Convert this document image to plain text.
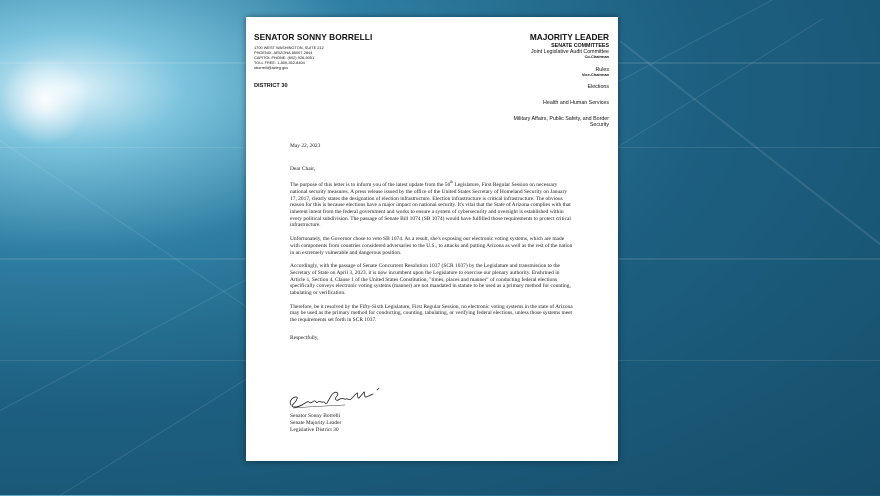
SENATOR SONNY BORRELLI
1700 WEST WASHINGTON, SUITE 212
PHOENIX, ARIZONA 85007-2844
CAPITOL PHONE: (602) 926-5051
TOLL FREE: 1-800-352-8404
sborrelli@azleg.gov
DISTRICT 30
MAJORITY LEADER
SENATE COMMITTEES
Joint Legislative Audit Committee
Co-Chairman
Rules
Vice-Chairman
Elections
Health and Human Services
Military Affairs, Public Safety, and Border Security

May 22, 2023

Dear Chair,

The purpose of this letter is to inform you of the latest update from the 56th Legislature, First Regular Session on necessary national security measures. A press release issued by the office of the United States Secretary of Homeland Security on January 17, 2017, clearly states the designation of election infrastructure. Election infrastructure is critical infrastructure. The obvious reason for this is because elections have a major impact on national security. It's vital that the State of Arizona complies with that inherent intent from the federal government and works to ensure a system of cybersecurity and oversight is established within every political subdivision. The passage of Senate Bill 1074 (SB 1074) would have fulfilled those requirements to protect critical infrastructure.

Unfortunately, the Governor chose to veto SB 1074. As a result, she's exposing our electronic voting systems, which are made with components from countries considered adversaries to the U.S., to attacks and putting Arizona as well as the rest of the nation in an extremely vulnerable and dangerous position.

Accordingly, with the passage of Senate Concurrent Resolution 1037 (SCR 1037) by the Legislature and transmission to the Secretary of State on April 3, 2023, it is now incumbent upon the Legislature to exercise our plenary authority. Enshrined in Article 1, Section 4, Clause 1 of the United States Constitution, "times, places and manner" of conducting federal elections specifically conveys electronic voting systems (manner) are not mandated in statute to be used as a primary method for counting, tabulating or verification.

Therefore, be it resolved by the Fifty-Sixth Legislature, First Regular Session, no electronic voting systems in the state of Arizona may be used as the primary method for conducting, counting, tabulating, or verifying federal elections, unless those systems meet the requirements set forth in SCR 1037.

Respectfully,

Senator Sonny Borrelli
Senate Majority Leader
Legislative District 30
